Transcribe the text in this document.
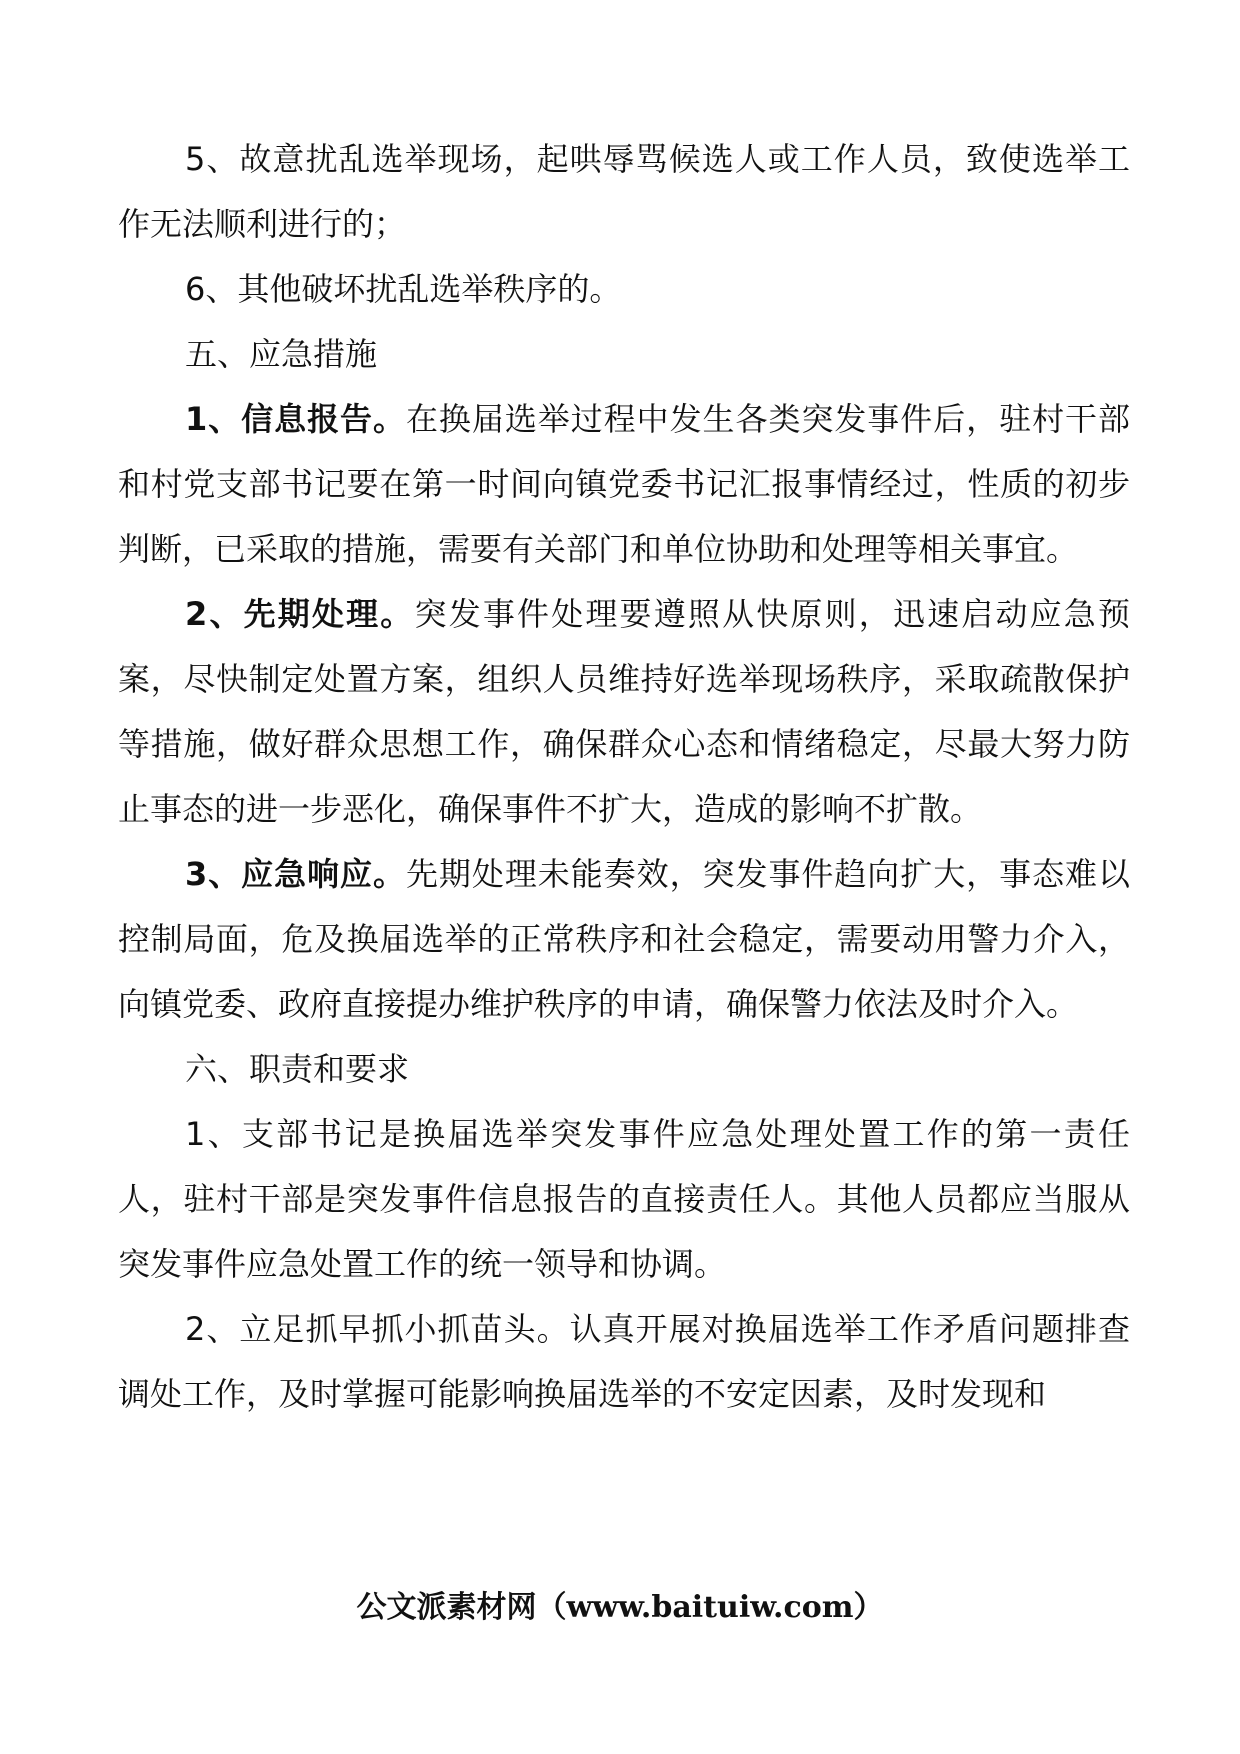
5、故意扰乱选举现场，起哄辱骂候选人或工作人员，致使选举工作无法顺利进行的；

6、其他破坏扰乱选举秩序的。

五、应急措施

1、信息报告。在换届选举过程中发生各类突发事件后，驻村干部和村党支部书记要在第一时间向镇党委书记汇报事情经过，性质的初步判断，已采取的措施，需要有关部门和单位协助和处理等相关事宜。

2、先期处理。突发事件处理要遵照从快原则，迅速启动应急预案，尽快制定处置方案，组织人员维持好选举现场秩序，采取疏散保护等措施，做好群众思想工作，确保群众心态和情绪稳定，尽最大努力防止事态的进一步恶化，确保事件不扩大，造成的影响不扩散。

3、应急响应。先期处理未能奏效，突发事件趋向扩大，事态难以控制局面，危及换届选举的正常秩序和社会稳定，需要动用警力介入，向镇党委、政府直接提办维护秩序的申请，确保警力依法及时介入。

六、职责和要求

1、支部书记是换届选举突发事件应急处理处置工作的第一责任人，驻村干部是突发事件信息报告的直接责任人。其他人员都应当服从突发事件应急处置工作的统一领导和协调。

2、立足抓早抓小抓苗头。认真开展对换届选举工作矛盾问题排查调处工作，及时掌握可能影响换届选举的不安定因素，及时发现和

公文派素材网（www.baituiw.com）
